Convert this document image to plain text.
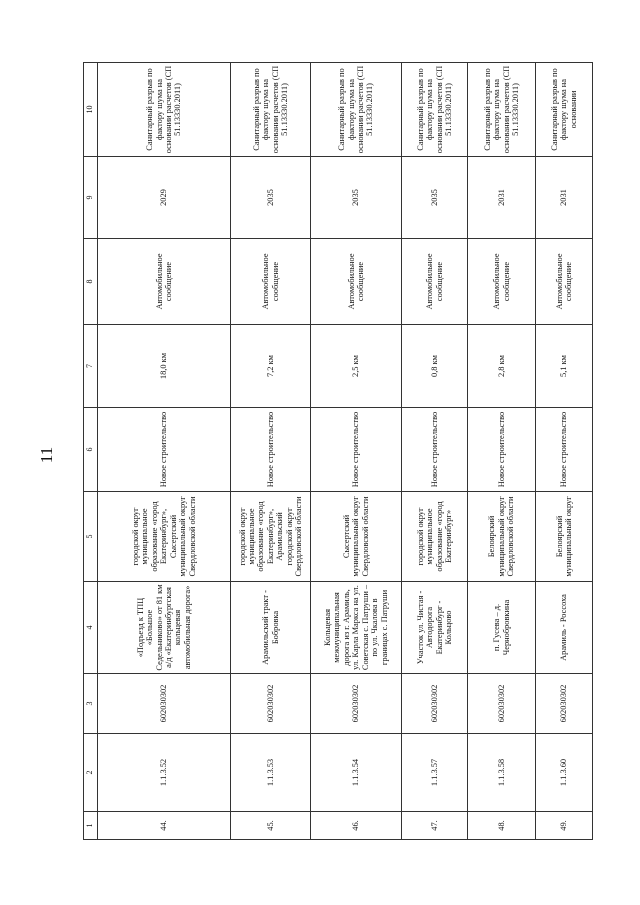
11
1	2	3	4	5	6	7	8	9	10
44.	1.1.3.52	602030302	«Подъезд к ТПЦ «Большое Седельниково» от 81 км а/д «Екатеринбургская кольцевая автомобильная дорога»	городской округ муниципальное образование «город Екатеринбург», Сысертский муниципальный округ Свердловской области	Новое строительство	18,0 км	Автомобильное сообщение	2029	Санитарный разрыв по фактору шума на основании расчетов (СП 51.13330.2011)
45.	1.1.3.53	602030302	Арамильский тракт - Бобровка	городской округ муниципальное образование «город Екатеринбург», Арамильский городской округ Свердловской области	Новое строительство	7,2 км	Автомобильное сообщение	2035	Санитарный разрыв по фактору шума на основании расчетов (СП 51.13330.2011)
46.	1.1.3.54	602030302	Кольцевая межмуниципальная дорога из г. Арамиль, ул. Карла Маркса на ул. Советская с. Патруши – по ул. Чкалова в границах с. Патруши	Сысертский муниципальный округ Свердловской области	Новое строительство	2,5 км	Автомобильное сообщение	2035	Санитарный разрыв по фактору шума на основании расчетов (СП 51.13330.2011)
47.	1.1.3.57	602030302	Участок ул. Чистая - Автодорога Екатеринбург - Кольцово	городской округ муниципальное образование «город Екатеринбург»	Новое строительство	0,8 км	Автомобильное сообщение	2035	Санитарный разрыв по фактору шума на основании расчетов (СП 51.13330.2011)
48.	1.1.3.58	602030302	п. Гусева – д. Чернобровкина	Белоярский муниципальный округ Свердловской области	Новое строительство	2,8 км	Автомобильное сообщение	2031	Санитарный разрыв по фактору шума на основании расчетов (СП 51.13330.2011)
49.	1.1.3.60	602030302	Арамиль - Россоха	Белоярский муниципальный округ	Новое строительство	5,1 км	Автомобильное сообщение	2031	Санитарный разрыв по фактору шума на основании
